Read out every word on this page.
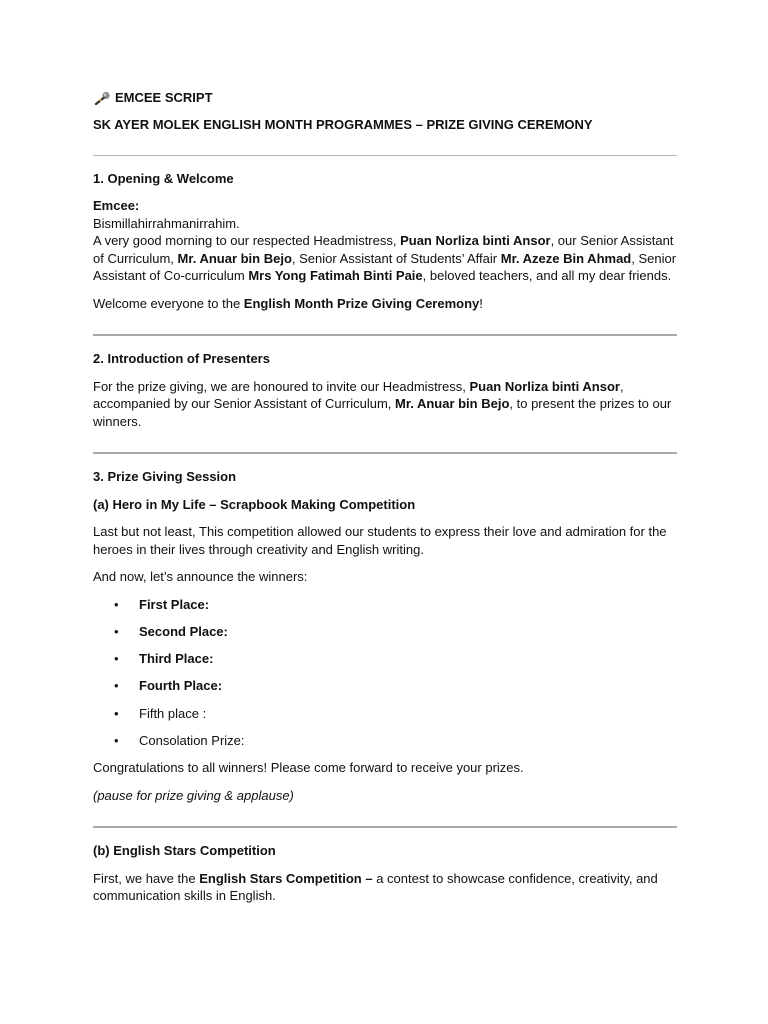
EMCEE SCRIPT

SK AYER MOLEK ENGLISH MONTH PROGRAMMES – PRIZE GIVING CEREMONY

1. Opening & Welcome

Emcee:

Bismillahirrahmanirrahim.

A very good morning to our respected Headmistress, Puan Norliza binti Ansor, our Senior Assistant of Curriculum, Mr. Anuar bin Bejo, Senior Assistant of Students’ Affair Mr. Azeze Bin Ahmad, Senior Assistant of Co-curriculum Mrs Yong Fatimah Binti Paie, beloved teachers, and all my dear friends.

Welcome everyone to the English Month Prize Giving Ceremony!

2. Introduction of Presenters

For the prize giving, we are honoured to invite our Headmistress, Puan Norliza binti Ansor, accompanied by our Senior Assistant of Curriculum, Mr. Anuar bin Bejo, to present the prizes to our winners.

3. Prize Giving Session

(a) Hero in My Life – Scrapbook Making Competition

Last but not least, This competition allowed our students to express their love and admiration for the heroes in their lives through creativity and English writing.

And now, let’s announce the winners:

• First Place:
• Second Place:
• Third Place:
• Fourth Place:
• Fifth place :
• Consolation Prize:

Congratulations to all winners! Please come forward to receive your prizes.

(pause for prize giving & applause)

(b) English Stars Competition

First, we have the English Stars Competition – a contest to showcase confidence, creativity, and communication skills in English.
